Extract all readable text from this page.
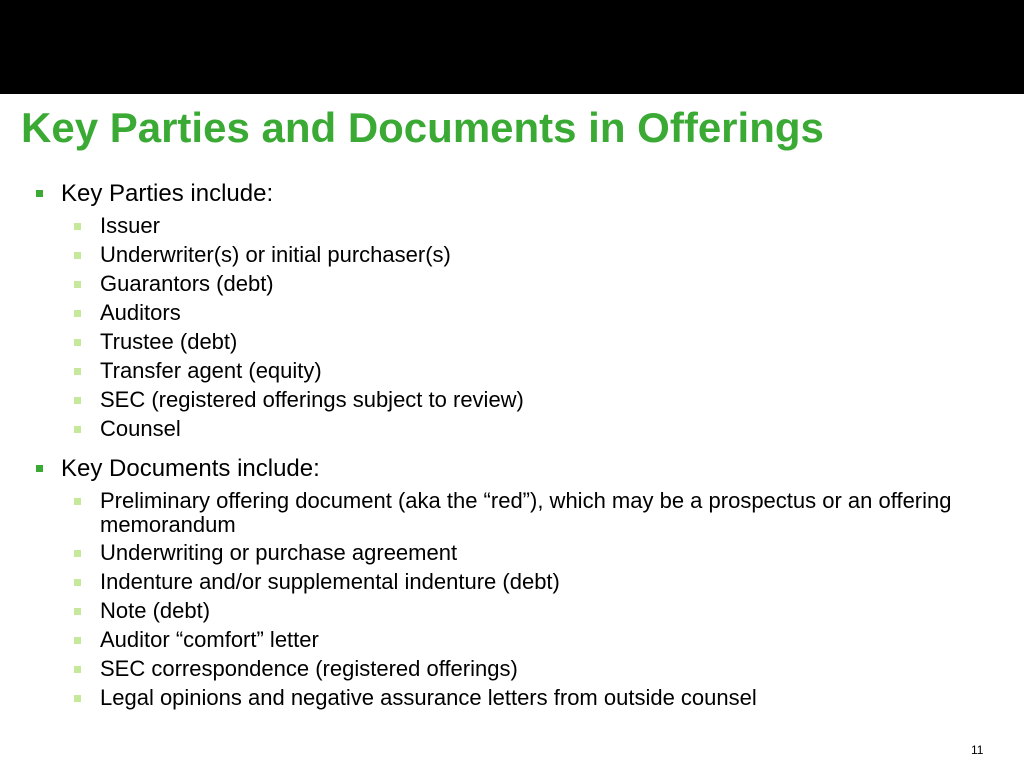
Key Parties and Documents in Offerings
Key Parties include:
Issuer
Underwriter(s) or initial purchaser(s)
Guarantors (debt)
Auditors
Trustee (debt)
Transfer agent (equity)
SEC (registered offerings subject to review)
Counsel
Key Documents include:
Preliminary offering document (aka the “red”), which may be a prospectus or an offering memorandum
Underwriting or purchase agreement
Indenture and/or supplemental indenture (debt)
Note (debt)
Auditor “comfort” letter
SEC correspondence (registered offerings)
Legal opinions and negative assurance letters from outside counsel
11
